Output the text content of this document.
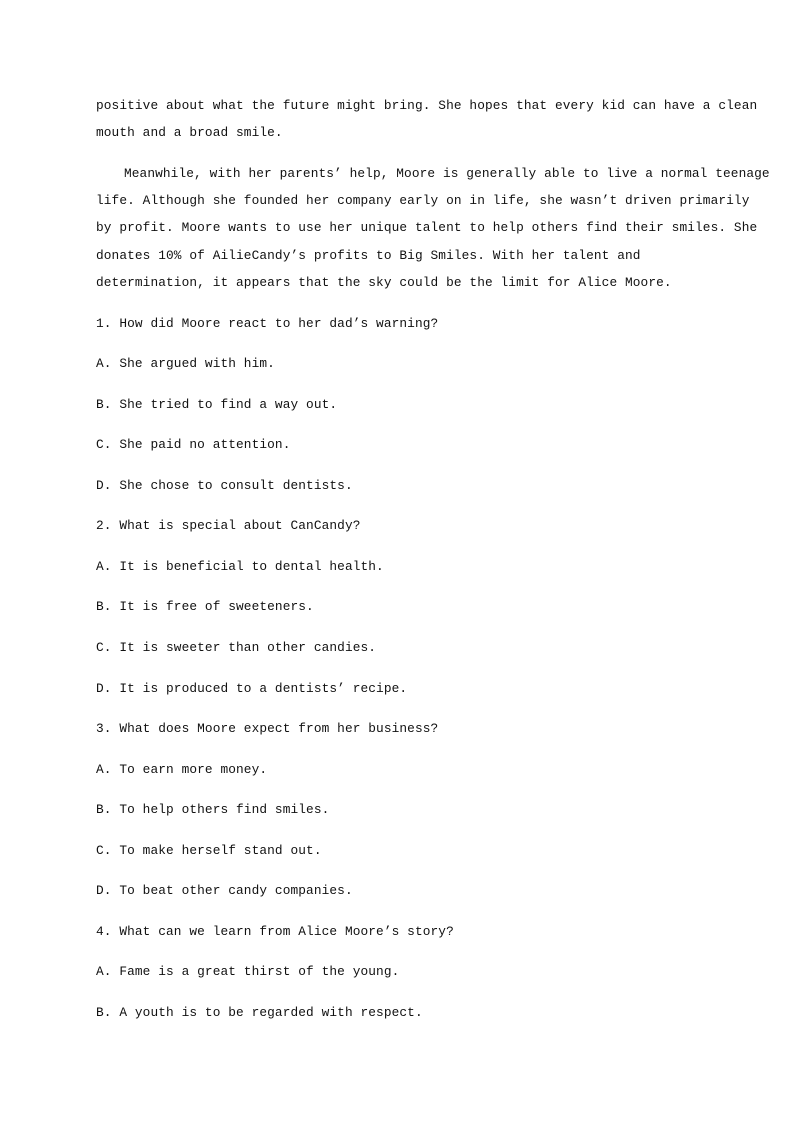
positive about what the future might bring. She hopes that every kid can have a clean
mouth and a broad smile.
Meanwhile, with her parents’ help, Moore is generally able to live a normal teenage
life. Although she founded her company early on in life, she wasn’t driven primarily
by profit. Moore wants to use her unique talent to help others find their smiles. She
donates 10% of AilieCandy’s profits to Big Smiles. With her talent and
determination, it appears that the sky could be the limit for Alice Moore.
1. How did Moore react to her dad’s warning?
A. She argued with him.
B. She tried to find a way out.
C. She paid no attention.
D. She chose to consult dentists.
2. What is special about CanCandy?
A. It is beneficial to dental health.
B. It is free of sweeteners.
C. It is sweeter than other candies.
D. It is produced to a dentists’ recipe.
3. What does Moore expect from her business?
A. To earn more money.
B. To help others find smiles.
C. To make herself stand out.
D. To beat other candy companies.
4. What can we learn from Alice Moore’s story?
A. Fame is a great thirst of the young.
B. A youth is to be regarded with respect.
